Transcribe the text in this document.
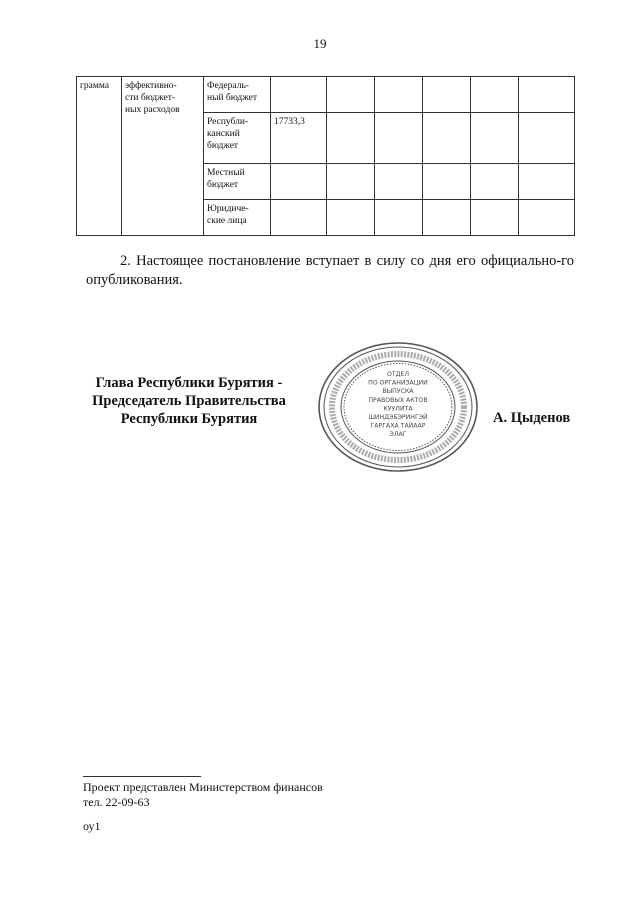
19
грамма	эффективно-
сти бюджет-
ных расходов	Федераль-
ный бюджет						
		Республи-
канский
бюджет	17733,3					
		Местный
бюджет						
		Юридиче-
ские лица						
2. Настоящее постановление вступает в силу со дня его официально-го опубликования.
Глава Республики Бурятия -
Председатель Правительства
Республики Бурятия
ОТДЕЛ
ПО ОРГАНИЗАЦИИ
ВЫПУСКА
ПРАВОВЫХ АКТОВ
КУУЛИТА
ШИНДЭБЭРИНГЭЙ
ГАРГАХА ТАЙААР
ЭЛАГ
А. Цыденов
Проект представлен Министерством финансов
тел. 22-09-63
оу1
